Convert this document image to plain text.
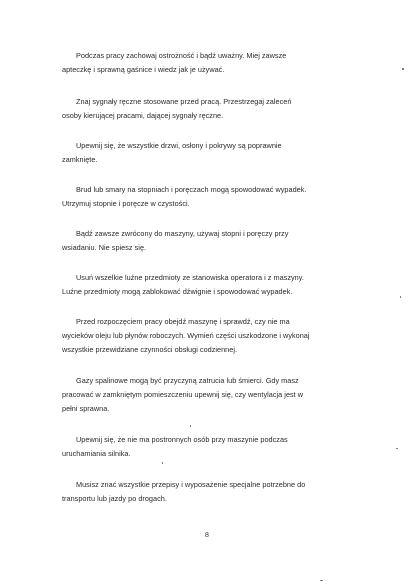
Podczas pracy zachowaj ostrożność i bądź uważny. Miej zawsze
apteczkę i sprawną gaśnice i wiedz jak je używać.
Znaj sygnały ręczne stosowane przed pracą. Przestrzegaj zaleceń
osoby kierującej pracami, dającej sygnały ręczne.
Upewnij się, że wszystkie drzwi, osłony i pokrywy są poprawnie
zamknięte.
Brud lub smary na stopniach i poręczach mogą spowodować wypadek.
Utrzymuj stopnie i poręcze w czystości.
Bądź zawsze zwrócony do maszyny, używaj stopni i poręczy przy
wsiadaniu. Nie spiesz się.
Usuń wszelkie luźne przedmioty ze stanowiska operatora i z maszyny.
Luźne przedmioty mogą zablokować dźwignie i spowodować wypadek.
Przed rozpoczęciem pracy obejdź maszynę i sprawdź, czy nie ma
wycieków oleju lub płynów roboczych. Wymień części uszkodzone i wykonaj
wszystkie przewidziane czynności obsługi codziennej.
Gazy spalinowe mogą być przyczyną zatrucia lub śmierci. Gdy masz
pracować w zamkniętym pomieszczeniu upewnij się, czy wentylacja jest w
pełni sprawna.
Upewnij się, że nie ma postronnych osób przy maszynie podczas
uruchamiania silnika.
Musisz znać wszystkie przepisy i wyposażenie specjalne potrzebne do
transportu lub jazdy po drogach.
8
